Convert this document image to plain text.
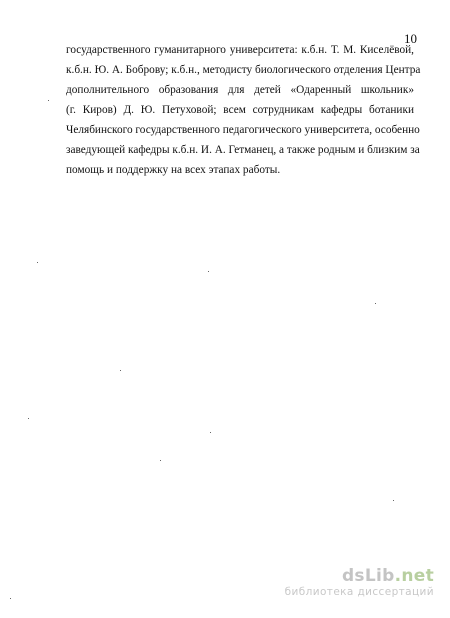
10
государственного гуманитарного университета: к.б.н. Т. М. Киселёвой,
к.б.н. Ю. А. Боброву; к.б.н., методисту биологического отделения Центра
дополнительного образования для детей «Одаренный школьник»
(г. Киров) Д. Ю. Петуховой; всем сотрудникам кафедры ботаники
Челябинского государственного педагогического университета, особенно
заведующей кафедры к.б.н. И. А. Гетманец, а также родным и близким за
помощь и поддержку на всех этапах работы.
dsLib.net
библиотека диссертаций
